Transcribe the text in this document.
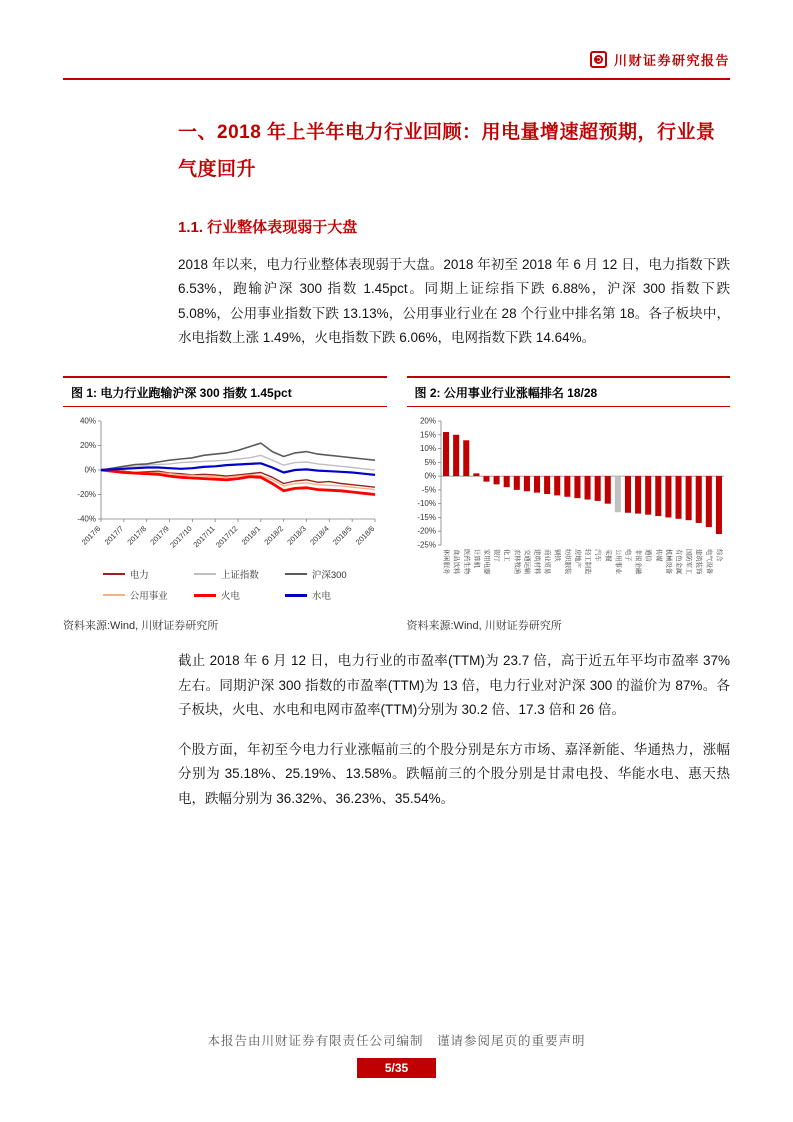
川财证券研究报告
一、2018 年上半年电力行业回顾：用电量增速超预期，行业景气度回升
1.1. 行业整体表现弱于大盘

2018 年以来，电力行业整体表现弱于大盘。2018 年初至 2018 年 6 月 12 日，电力指数下跌 6.53%，跑输沪深 300 指数 1.45pct。同期上证综指下跌 6.88%，沪深 300 指数下跌 5.08%，公用事业指数下跌 13.13%，公用事业行业在 28 个行业中排名第 18。各子板块中，水电指数上涨 1.49%，火电指数下跌 6.06%，电网指数下跌 14.64%。

图 1: 电力行业跑输沪深 300 指数 1.45pct
40%
20%
0%
-20%
-40%
2017/6 2017/7 2017/8 2017/9
2017/10
2017/11
2017/12 2018/1 2018/2 2018/3 2018/4 2018/5 2018/6
电力	上证指数	沪深300
公用事业	火电	水电
资料来源:Wind, 川财证券研究所
图 2: 公用事业行业涨幅排名 18/28
20%
15%
10%
5%
0%
-5%
-10%
-15%
-20%
-25%
休闲服务 食品饮料 医药生物 计算机 家用电器 银行 化工 农林牧渔 交通运输 建筑材料 商业贸易 钢铁 纺织服装 房地产 轻工制造 汽车 采掘 公用事业 电子 非银金融 通信 传媒 机械设备 有色金属 国防军工 建筑装饰 电气设备 综合
资料来源:Wind, 川财证券研究所

截止 2018 年 6 月 12 日，电力行业的市盈率(TTM)为 23.7 倍，高于近五年平均市盈率 37%左右。同期沪深 300 指数的市盈率(TTM)为 13 倍，电力行业对沪深 300 的溢价为 87%。各子板块，火电、水电和电网市盈率(TTM)分别为 30.2 倍、17.3 倍和 26 倍。

个股方面，年初至今电力行业涨幅前三的个股分别是东方市场、嘉泽新能、华通热力，涨幅分别为 35.18%、25.19%、13.58%。跌幅前三的个股分别是甘肃电投、华能水电、惠天热电，跌幅分别为 36.32%、36.23%、35.54%。

本报告由川财证券有限责任公司编制　谨请参阅尾页的重要声明
5/35
